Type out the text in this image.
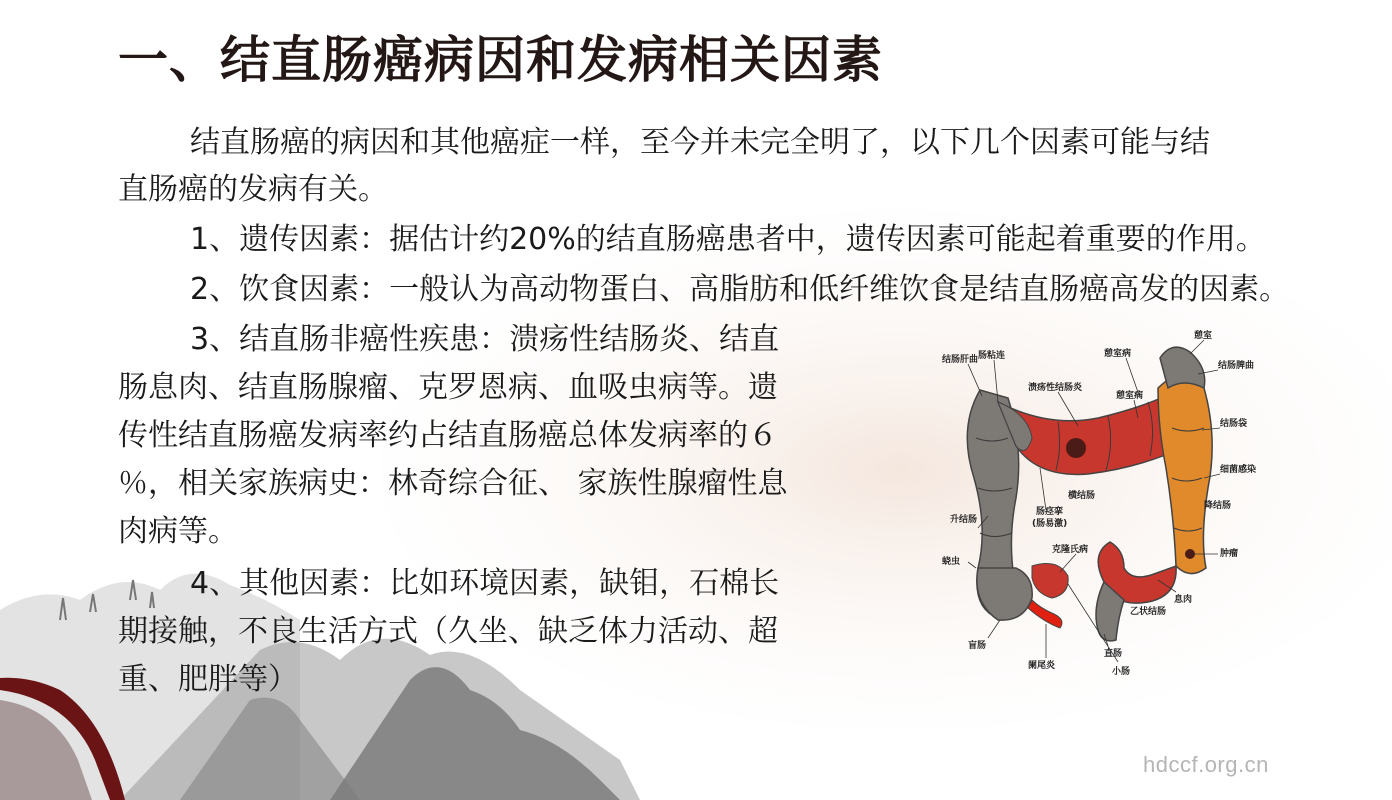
一、结直肠癌病因和发病相关因素
结直肠癌的病因和其他癌症一样，至今并未完全明了，以下几个因素可能与结
直肠癌的发病有关。
1、遗传因素：据估计约20%的结直肠癌患者中，遗传因素可能起着重要的作用。
2、饮食因素：一般认为高动物蛋白、高脂肪和低纤维饮食是结直肠癌高发的因素。
3、结直肠非癌性疾患：溃疡性结肠炎、结直
肠息肉、结直肠腺瘤、克罗恩病、血吸虫病等。遗
传性结直肠癌发病率约占结直肠癌总体发病率的６
％，相关家族病史：林奇综合征、 家族性腺瘤性息
肉病等。
4、其他因素：比如环境因素，缺钼，石棉长
期接触，不良生活方式（久坐、缺乏体力活动、超
重、肥胖等）
肠粘连	憩室病
憩室
结肠肝曲
溃疡性结肠炎
结肠脾曲
憩室病
结肠袋
细菌感染
横结肠
降结肠
升结肠
肠痉挛
(肠易激)
克隆氏病
蛲虫
肿瘤
息肉
乙状结肠
盲肠
直肠
阑尾炎
小肠
hdccf.org.cn
